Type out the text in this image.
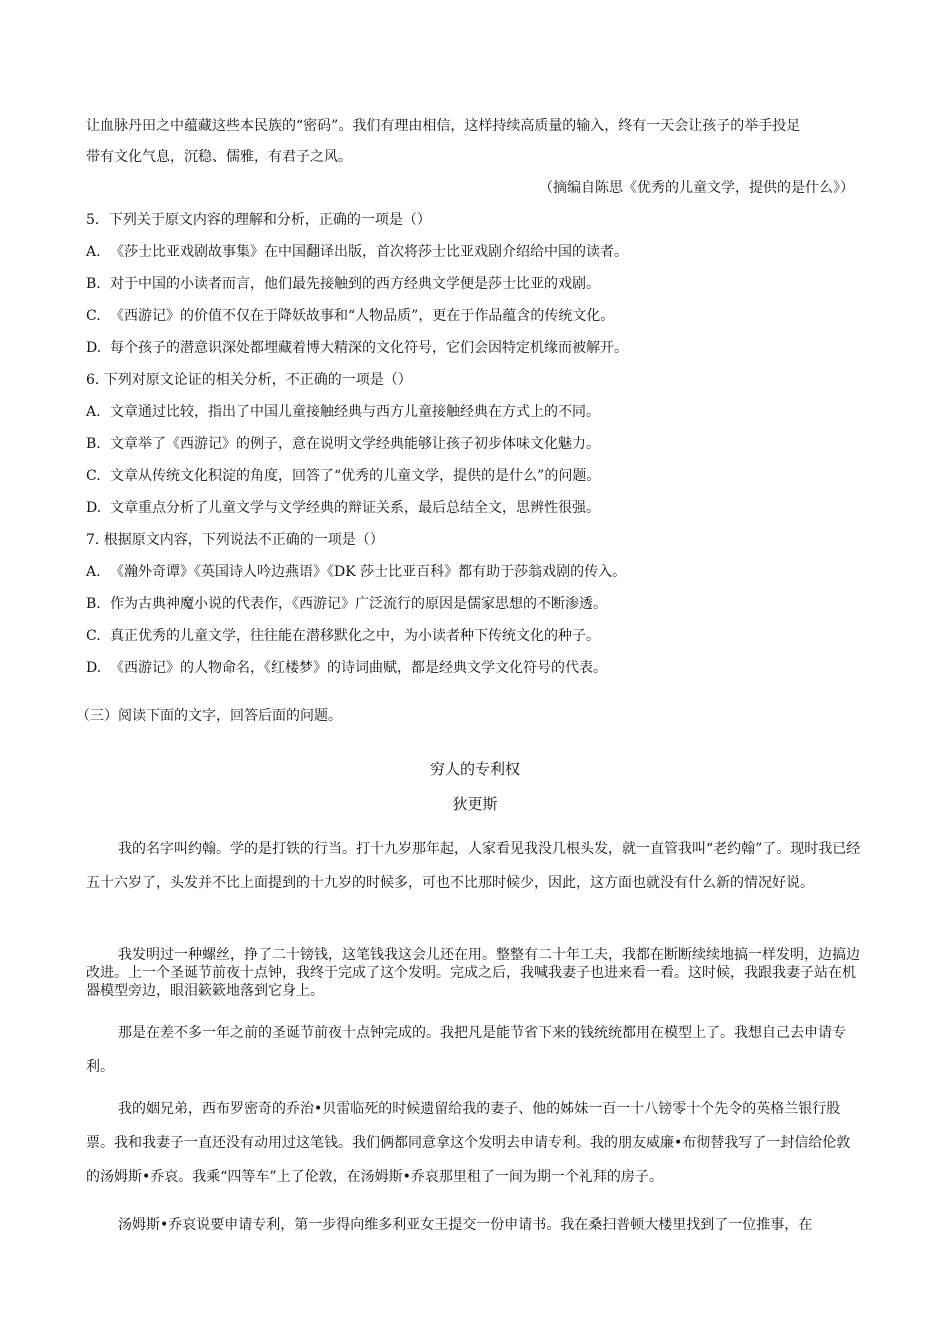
让血脉丹田之中蕴藏这些本民族的“密码”。我们有理由相信，这样持续高质量的输入，终有一天会让孩子的举手投足
带有文化气息，沉稳、儒雅，有君子之风。
（摘编自陈思《优秀的儿童文学，提供的是什么》）
5．下列关于原文内容的理解和分析，正确的一项是（）
A. 《莎士比亚戏剧故事集》在中国翻译出版，首次将莎士比亚戏剧介绍给中国的读者。
B. 对于中国的小读者而言，他们最先接触到的西方经典文学便是莎士比亚的戏剧。
C. 《西游记》的价值不仅在于降妖故事和“人物品质”，更在于作品蕴含的传统文化。
D. 每个孩子的潜意识深处都埋藏着博大精深的文化符号，它们会因特定机缘而被解开。
6. 下列对原文论证的相关分析，不正确的一项是（）
A. 文章通过比较，指出了中国儿童接触经典与西方儿童接触经典在方式上的不同。
B. 文章举了《西游记》的例子，意在说明文学经典能够让孩子初步体味文化魅力。
C. 文章从传统文化积淀的角度，回答了“优秀的儿童文学，提供的是什么”的问题。
D. 文章重点分析了儿童文学与文学经典的辩证关系，最后总结全文，思辨性很强。
7. 根据原文内容，下列说法不正确的一项是（）
A. 《瀚外奇谭》《英国诗人吟边燕语》《DK 莎士比亚百科》都有助于莎翁戏剧的传入。
B. 作为古典神魔小说的代表作，《西游记》广泛流行的原因是儒家思想的不断渗透。
C. 真正优秀的儿童文学，往往能在潜移默化之中，为小读者种下传统文化的种子。
D. 《西游记》的人物命名，《红楼梦》的诗词曲赋，都是经典文学文化符号的代表。
（三）阅读下面的文字，回答后面的问题。
穷人的专利权
狄更斯
我的名字叫约翰。学的是打铁的行当。打十九岁那年起，人家看见我没几根头发，就一直管我叫“老约翰”了。现时我已经五十六岁了，头发并不比上面提到的十九岁的时候多，可也不比那时候少，因此，这方面也就没有什么新的情况好说。
我发明过一种螺丝，挣了二十镑钱，这笔钱我这会儿还在用。整整有二十年工夫，我都在断断续续地搞一样发明，边搞边改进。上一个圣诞节前夜十点钟，我终于完成了这个发明。完成之后，我喊我妻子也进来看一看。这时候，我跟我妻子站在机器模型旁边，眼泪簌簌地落到它身上。
那是在差不多一年之前的圣诞节前夜十点钟完成的。我把凡是能节省下来的钱统统都用在模型上了。我想自己去申请专利。
我的姻兄弟，西布罗密奇的乔治•贝雷临死的时候遗留给我的妻子、他的姊妹一百一十八镑零十个先令的英格兰银行股票。我和我妻子一直还没有动用过这笔钱。我们俩都同意拿这个发明去申请专利。我的朋友威廉•布彻替我写了一封信给伦敦的汤姆斯•乔哀。我乘“四等车”上了伦敦，在汤姆斯•乔哀那里租了一间为期一个礼拜的房子。
汤姆斯•乔哀说要申请专利，第一步得向维多利亚女王提交一份申请书。我在桑扫普顿大楼里找到了一位推事，在
